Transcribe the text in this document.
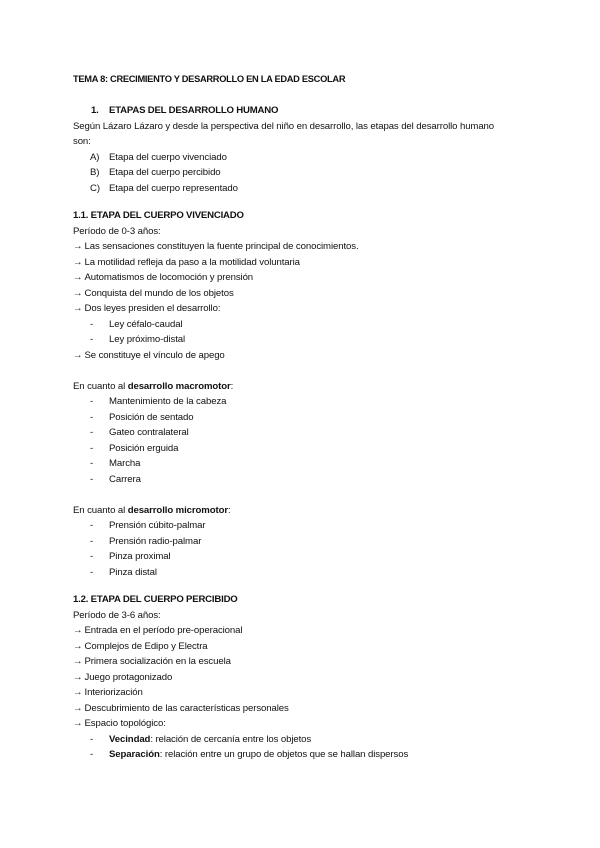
TEMA 8: CRECIMIENTO Y DESARROLLO EN LA EDAD ESCOLAR
1. ETAPAS DEL DESARROLLO HUMANO
Según Lázaro Lázaro y desde la perspectiva del niño en desarrollo, las etapas del desarrollo humano
son:
A) Etapa del cuerpo vivenciado
B) Etapa del cuerpo percibido
C) Etapa del cuerpo representado
1.1. ETAPA DEL CUERPO VIVENCIADO
Período de 0-3 años:
→ Las sensaciones constituyen la fuente principal de conocimientos.
→ La motilidad refleja da paso a la motilidad voluntaria
→ Automatismos de locomoción y prensión
→ Conquista del mundo de los objetos
→ Dos leyes presiden el desarrollo:
- Ley céfalo-caudal
- Ley próximo-distal
→ Se constituye el vínculo de apego
En cuanto al desarrollo macromotor:
- Mantenimiento de la cabeza
- Posición de sentado
- Gateo contralateral
- Posición erguida
- Marcha
- Carrera
En cuanto al desarrollo micromotor:
- Prensión cúbito-palmar
- Prensión radio-palmar
- Pinza proximal
- Pinza distal
1.2. ETAPA DEL CUERPO PERCIBIDO
Período de 3-6 años:
→ Entrada en el período pre-operacional
→ Complejos de Edipo y Electra
→ Primera socialización en la escuela
→ Juego protagonizado
→ Interiorización
→ Descubrimiento de las características personales
→ Espacio topológico:
- Vecindad: relación de cercanía entre los objetos
- Separación: relación entre un grupo de objetos que se hallan dispersos
